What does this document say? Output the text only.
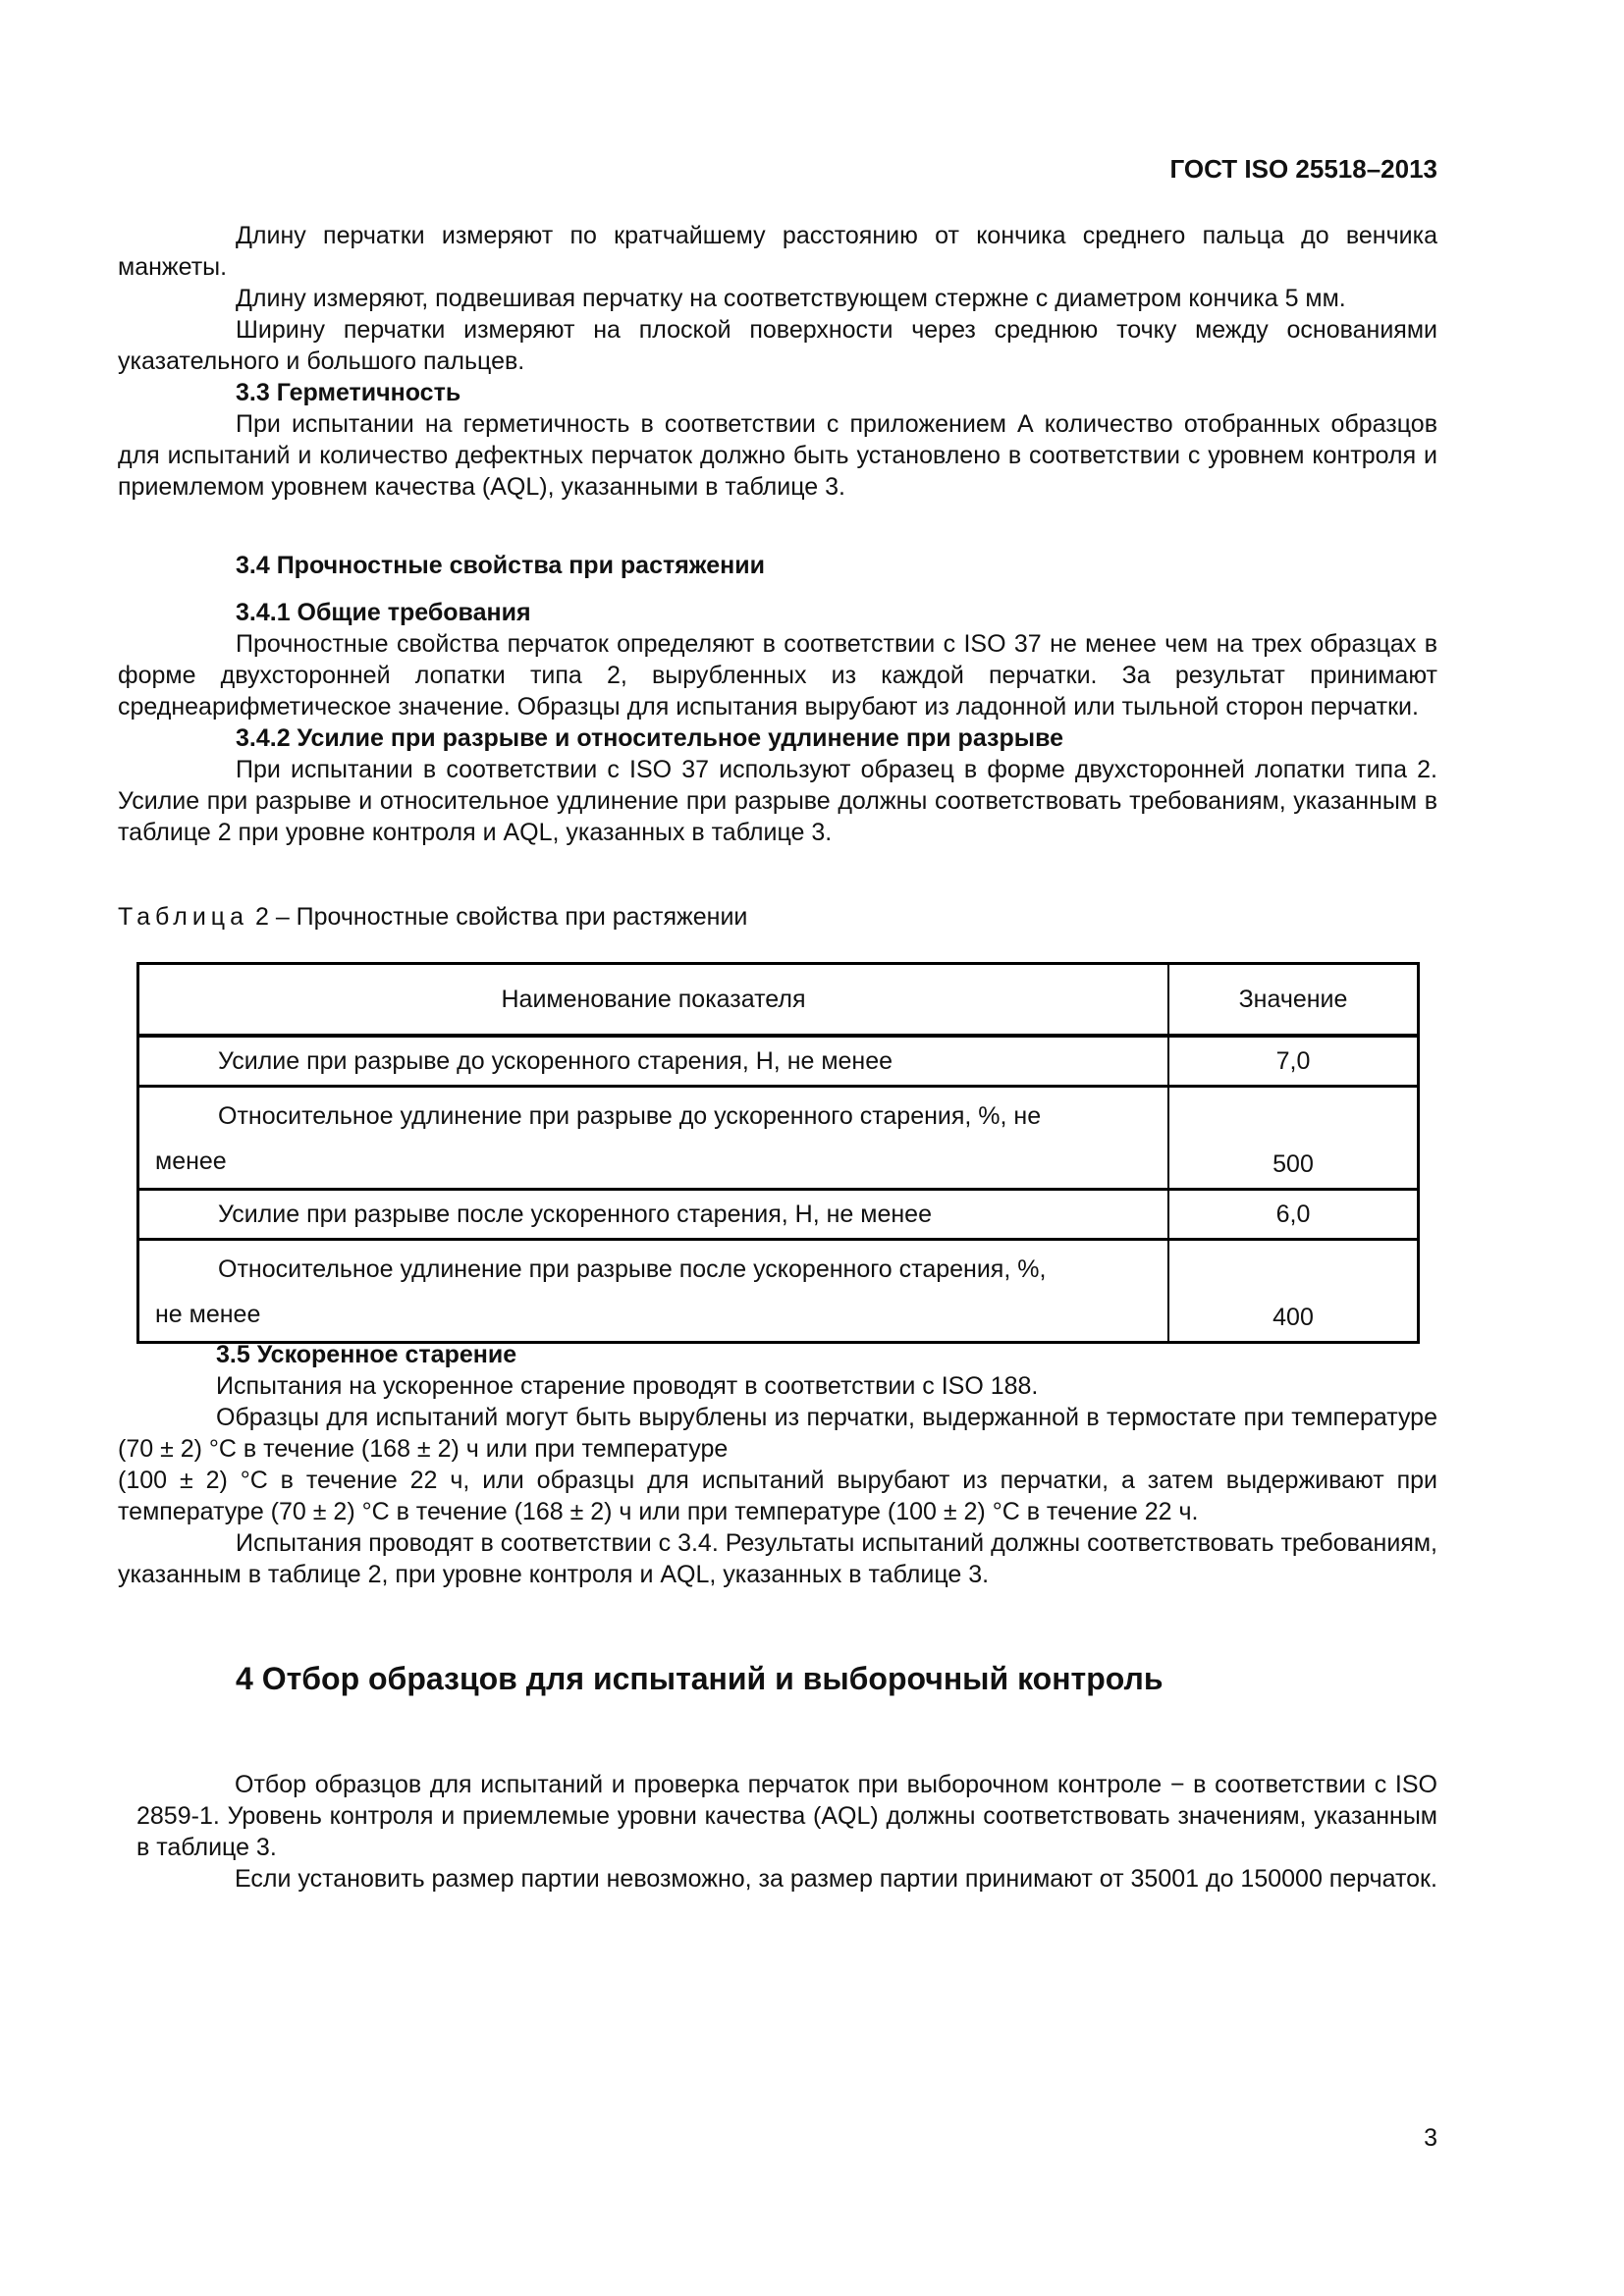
ГОСТ ISO 25518–2013

Длину перчатки измеряют по кратчайшему расстоянию от кончика среднего пальца до венчика манжеты.

Длину измеряют, подвешивая перчатку на соответствующем стержне с диаметром кончика 5 мм.

Ширину перчатки измеряют на плоской поверхности через среднюю точку между основаниями указательного и большого пальцев.

3.3 Герметичность

При испытании на герметичность в соответствии с приложением А количество отобранных образцов для испытаний и количество дефектных перчаток должно быть установлено в соответствии с уровнем контроля и приемлемом уровнем качества (AQL), указанными в таблице 3.

3.4 Прочностные свойства при растяжении
3.4.1 Общие требования

Прочностные свойства перчаток определяют в соответствии с ISO 37 не менее чем на трех образцах в форме двухсторонней лопатки типа 2, вырубленных из каждой перчатки. За результат принимают среднеарифметическое значение. Образцы для испытания вырубают из ладонной или тыльной сторон перчатки.

3.4.2 Усилие при разрыве и относительное удлинение при разрыве

При испытании в соответствии с ISO 37 используют образец в форме двухсторонней лопатки типа 2. Усилие при разрыве и относительное удлинение при разрыве должны соответствовать требованиям, указанным в таблице 2 при уровне контроля и AQL, указанных в таблице 3.

Таблица 2 – Прочностные свойства при растяжении
Наименование показателя	Значение

Усилие при разрыве до ускоренного старения, Н, не менее	7,0

Относительное удлинение при разрыве до ускоренного старения, %, не
менее	500

Усилие при разрыве после ускоренного старения, Н, не менее	6,0

Относительное удлинение при разрыве после ускоренного старения, %,
не менее	400
3.5 Ускоренное старение

Испытания на ускоренное старение проводят в соответствии с ISO 188.

Образцы для испытаний могут быть вырублены из перчатки, выдержанной в термостате при температуре (70 ± 2) °С в течение (168 ± 2) ч или при температуре

(100 ± 2) °С в течение 22 ч, или образцы для испытаний вырубают из перчатки, а затем выдерживают при температуре (70 ± 2) °С в течение (168 ± 2) ч или при температуре (100 ± 2) °С в течение 22 ч.

Испытания проводят в соответствии с 3.4. Результаты испытаний должны соответствовать требованиям, указанным в таблице 2, при уровне контроля и AQL, указанных в таблице 3.

4 Отбор образцов для испытаний и выборочный контроль

Отбор образцов для испытаний и проверка перчаток при выборочном контроле − в соответствии с ISO 2859-1. Уровень контроля и приемлемые уровни качества (AQL) должны соответствовать значениям, указанным в таблице 3.

Если установить размер партии невозможно, за размер партии принимают от 35001 до 150000 перчаток.

3
